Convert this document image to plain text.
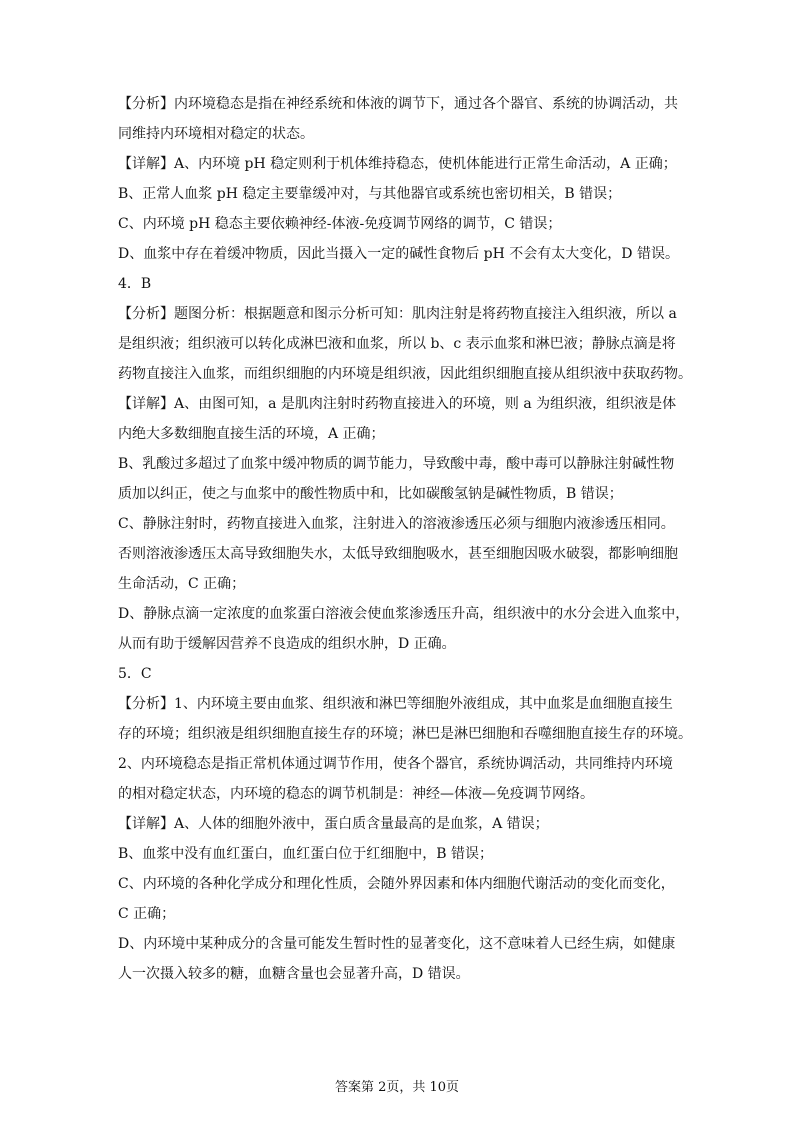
【分析】内环境稳态是指在神经系统和体液的调节下，通过各个器官、系统的协调活动，共

同维持内环境相对稳定的状态。

【详解】A、内环境 pH 稳定则利于机体维持稳态，使机体能进行正常生命活动，A 正确；

B、正常人血浆 pH 稳定主要靠缓冲对，与其他器官或系统也密切相关，B 错误；

C、内环境 pH 稳态主要依赖神经-体液-免疫调节网络的调节，C 错误；

D、血浆中存在着缓冲物质，因此当摄入一定的碱性食物后 pH 不会有太大变化，D 错误。

4．B

【分析】题图分析：根据题意和图示分析可知：肌肉注射是将药物直接注入组织液，所以 a

是组织液；组织液可以转化成淋巴液和血浆，所以 b、c 表示血浆和淋巴液；静脉点滴是将

药物直接注入血浆，而组织细胞的内环境是组织液，因此组织细胞直接从组织液中获取药物。

【详解】A、由图可知，a 是肌肉注射时药物直接进入的环境，则 a 为组织液，组织液是体

内绝大多数细胞直接生活的环境，A 正确；

B、乳酸过多超过了血浆中缓冲物质的调节能力，导致酸中毒，酸中毒可以静脉注射碱性物

质加以纠正，使之与血浆中的酸性物质中和，比如碳酸氢钠是碱性物质，B 错误；

C、静脉注射时，药物直接进入血浆，注射进入的溶液渗透压必须与细胞内液渗透压相同。

否则溶液渗透压太高导致细胞失水，太低导致细胞吸水，甚至细胞因吸水破裂，都影响细胞

生命活动，C 正确；

D、静脉点滴一定浓度的血浆蛋白溶液会使血浆渗透压升高，组织液中的水分会进入血浆中，

从而有助于缓解因营养不良造成的组织水肿，D 正确。

5．C

【分析】1、内环境主要由血浆、组织液和淋巴等细胞外液组成，其中血浆是血细胞直接生

存的环境；组织液是组织细胞直接生存的环境；淋巴是淋巴细胞和吞噬细胞直接生存的环境。

2、内环境稳态是指正常机体通过调节作用，使各个器官，系统协调活动，共同维持内环境

的相对稳定状态，内环境的稳态的调节机制是：神经—体液—免疫调节网络。

【详解】A、人体的细胞外液中，蛋白质含量最高的是血浆，A 错误；

B、血浆中没有血红蛋白，血红蛋白位于红细胞中，B 错误；

C、内环境的各种化学成分和理化性质，会随外界因素和体内细胞代谢活动的变化而变化，

C 正确；

D、内环境中某种成分的含量可能发生暂时性的显著变化，这不意味着人已经生病，如健康

人一次摄入较多的糖，血糖含量也会显著升高，D 错误。

答案第 2页，共 10页
